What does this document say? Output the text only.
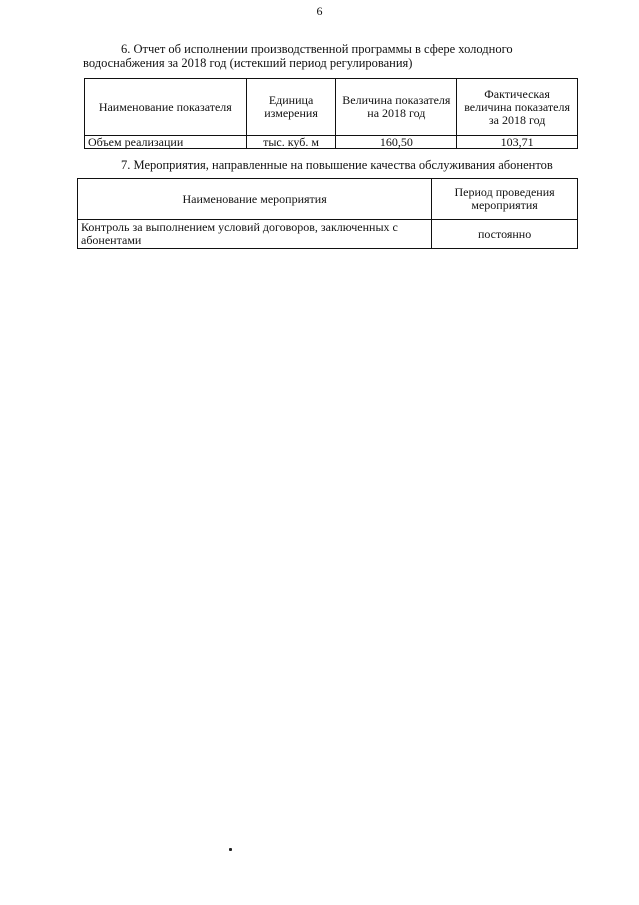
6
6. Отчет об исполнении производственной программы в сфере холодного
водоснабжения за 2018 год (истекший период регулирования)
Наименование показателя	Единица измерения	Величина показателя на 2018 год	Фактическая величина показателя за 2018 год
Объем реализации	тыс. куб. м	160,50	103,71
7. Мероприятия, направленные на повышение качества обслуживания абонентов
Наименование мероприятия	Период проведения мероприятия
Контроль за выполнением условий договоров, заключенных с абонентами	постоянно
